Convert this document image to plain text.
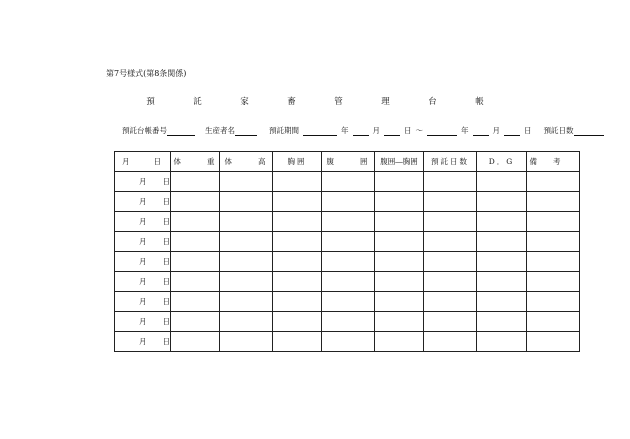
第7号様式(第8条関係)
預　託　家　畜　管　理　台　帳
預託台帳番号	生産者名	預託期間	年	月	日 〜	年	月	日 預託日数
月 日	体 重	体 高	胸囲	腹 囲	腹囲―胸囲	預託日数	D．G	備考
月 日								
月 日								
月 日								
月 日								
月 日								
月 日								
月 日								
月 日								
月 日								
